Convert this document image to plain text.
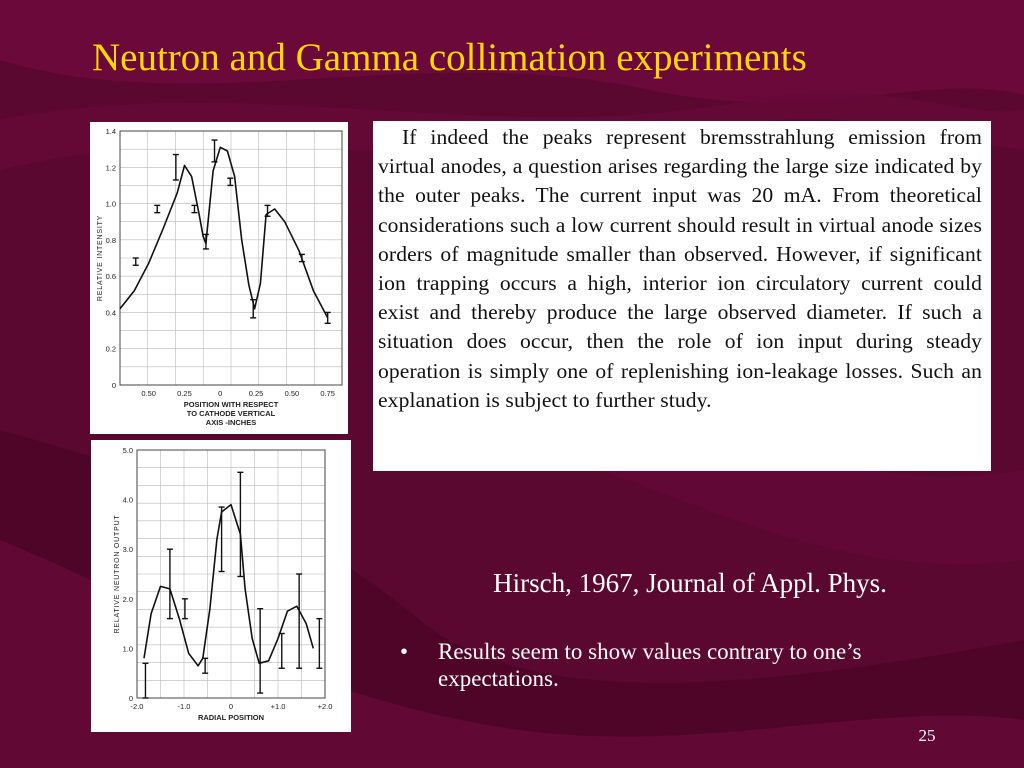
Neutron and Gamma collimation experiments
0
0.2
0.4
0.6
0.8
1.0
1.2
1.4
0.50	0.25	0	0.25	0.50	0.75
POSITION WITH RESPECT
TO CATHODE VERTICAL
AXIS -INCHES
RELATIVE INTENSITY
0
1.0
2.0
3.0
4.0
5.0
-2.0	-1.0	0	+1.0	+2.0
RADIAL POSITION
RELATIVE NEUTRON OUTPUT

If indeed the peaks represent bremsstrahlung emission from virtual anodes, a question arises regarding the large size indicated by the outer peaks. The current input was 20 mA. From theoretical considerations such a low current should result in virtual anode sizes orders of magnitude smaller than observed. However, if significant ion trapping occurs a high, interior ion circulatory current could exist and thereby produce the large observed diameter. If such a situation does occur, then the role of ion input during steady operation is simply one of replenishing ion-leakage losses. Such an explanation is subject to further study.

Hirsch, 1967, Journal of Appl. Phys.
• Results seem to show values contrary to one’s expectations.
25
